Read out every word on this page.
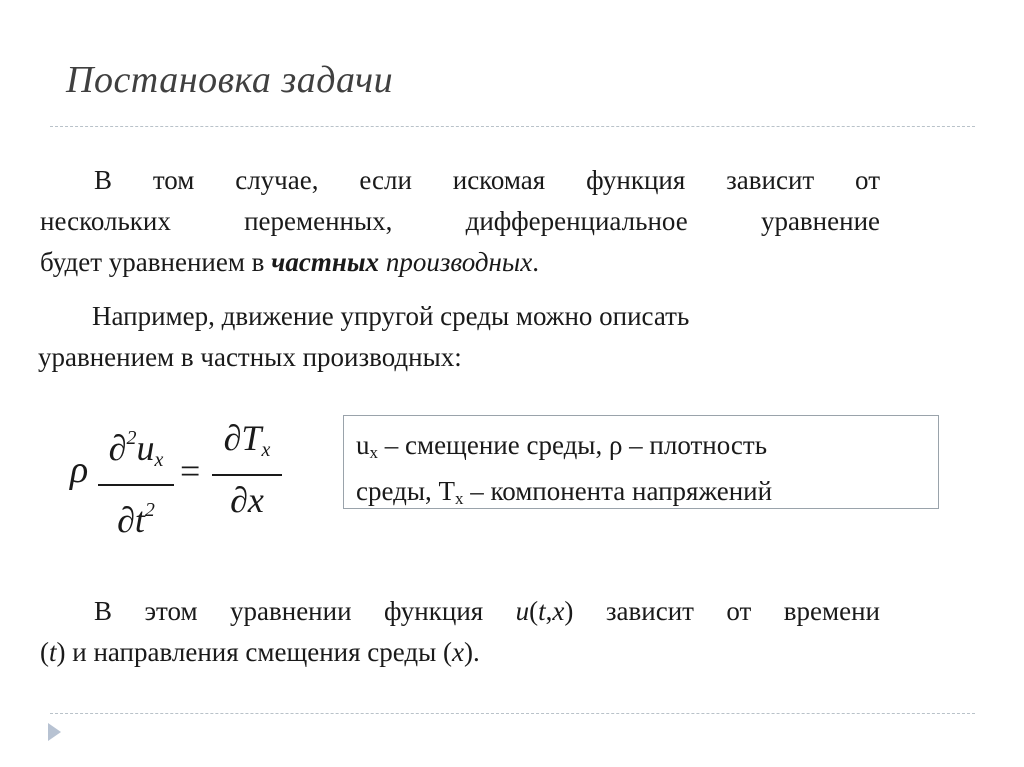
Постановка задачи
В том случае, если искомая функция зависит от
нескольких переменных, дифференциальное уравнение
будет уравнением в частных производных.
Например, движение упругой среды можно описать
уравнением в частных производных:
ρ
$\partial^2u_x$
$\partial t^2$
=
$\partial T_x$
∂x
$u_x$ – смещение среды, ρ – плотность
среды, $T_x$ – компонента напряжений
В этом уравнении функция u(t,x) зависит от времени
(t) и направления смещения среды (x).
